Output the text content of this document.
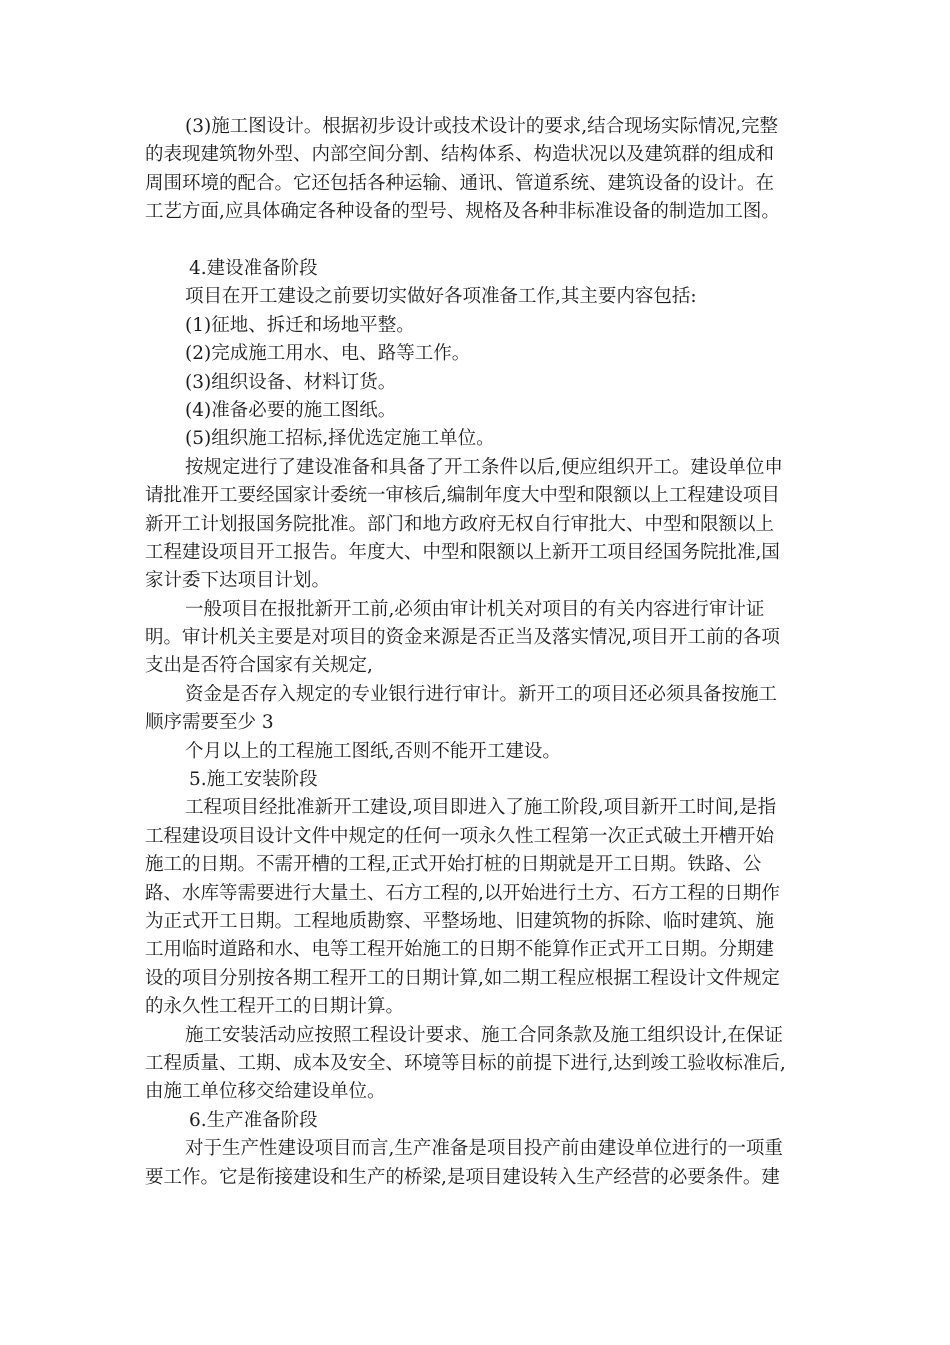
(3)施工图设计。根据初步设计或技术设计的要求,结合现场实际情况,完整
的表现建筑物外型、内部空间分割、结构体系、构造状况以及建筑群的组成和
周围环境的配合。它还包括各种运输、通讯、管道系统、建筑设备的设计。在
工艺方面,应具体确定各种设备的型号、规格及各种非标准设备的制造加工图。
4.建设准备阶段
项目在开工建设之前要切实做好各项准备工作,其主要内容包括:
(1)征地、拆迁和场地平整。
(2)完成施工用水、电、路等工作。
(3)组织设备、材料订货。
(4)准备必要的施工图纸。
(5)组织施工招标,择优选定施工单位。
按规定进行了建设准备和具备了开工条件以后,便应组织开工。建设单位申
请批准开工要经国家计委统一审核后,编制年度大中型和限额以上工程建设项目
新开工计划报国务院批准。部门和地方政府无权自行审批大、中型和限额以上
工程建设项目开工报告。年度大、中型和限额以上新开工项目经国务院批准,国
家计委下达项目计划。
一般项目在报批新开工前,必须由审计机关对项目的有关内容进行审计证
明。审计机关主要是对项目的资金来源是否正当及落实情况,项目开工前的各项
支出是否符合国家有关规定,
资金是否存入规定的专业银行进行审计。新开工的项目还必须具备按施工
顺序需要至少 3
个月以上的工程施工图纸,否则不能开工建设。
5.施工安装阶段
工程项目经批准新开工建设,项目即进入了施工阶段,项目新开工时间,是指
工程建设项目设计文件中规定的任何一项永久性工程第一次正式破土开槽开始
施工的日期。不需开槽的工程,正式开始打桩的日期就是开工日期。铁路、公
路、水库等需要进行大量土、石方工程的,以开始进行土方、石方工程的日期作
为正式开工日期。工程地质勘察、平整场地、旧建筑物的拆除、临时建筑、施
工用临时道路和水、电等工程开始施工的日期不能算作正式开工日期。分期建
设的项目分别按各期工程开工的日期计算,如二期工程应根据工程设计文件规定
的永久性工程开工的日期计算。
施工安装活动应按照工程设计要求、施工合同条款及施工组织设计,在保证
工程质量、工期、成本及安全、环境等目标的前提下进行,达到竣工验收标准后,
由施工单位移交给建设单位。
6.生产准备阶段
对于生产性建设项目而言,生产准备是项目投产前由建设单位进行的一项重
要工作。它是衔接建设和生产的桥梁,是项目建设转入生产经营的必要条件。建
